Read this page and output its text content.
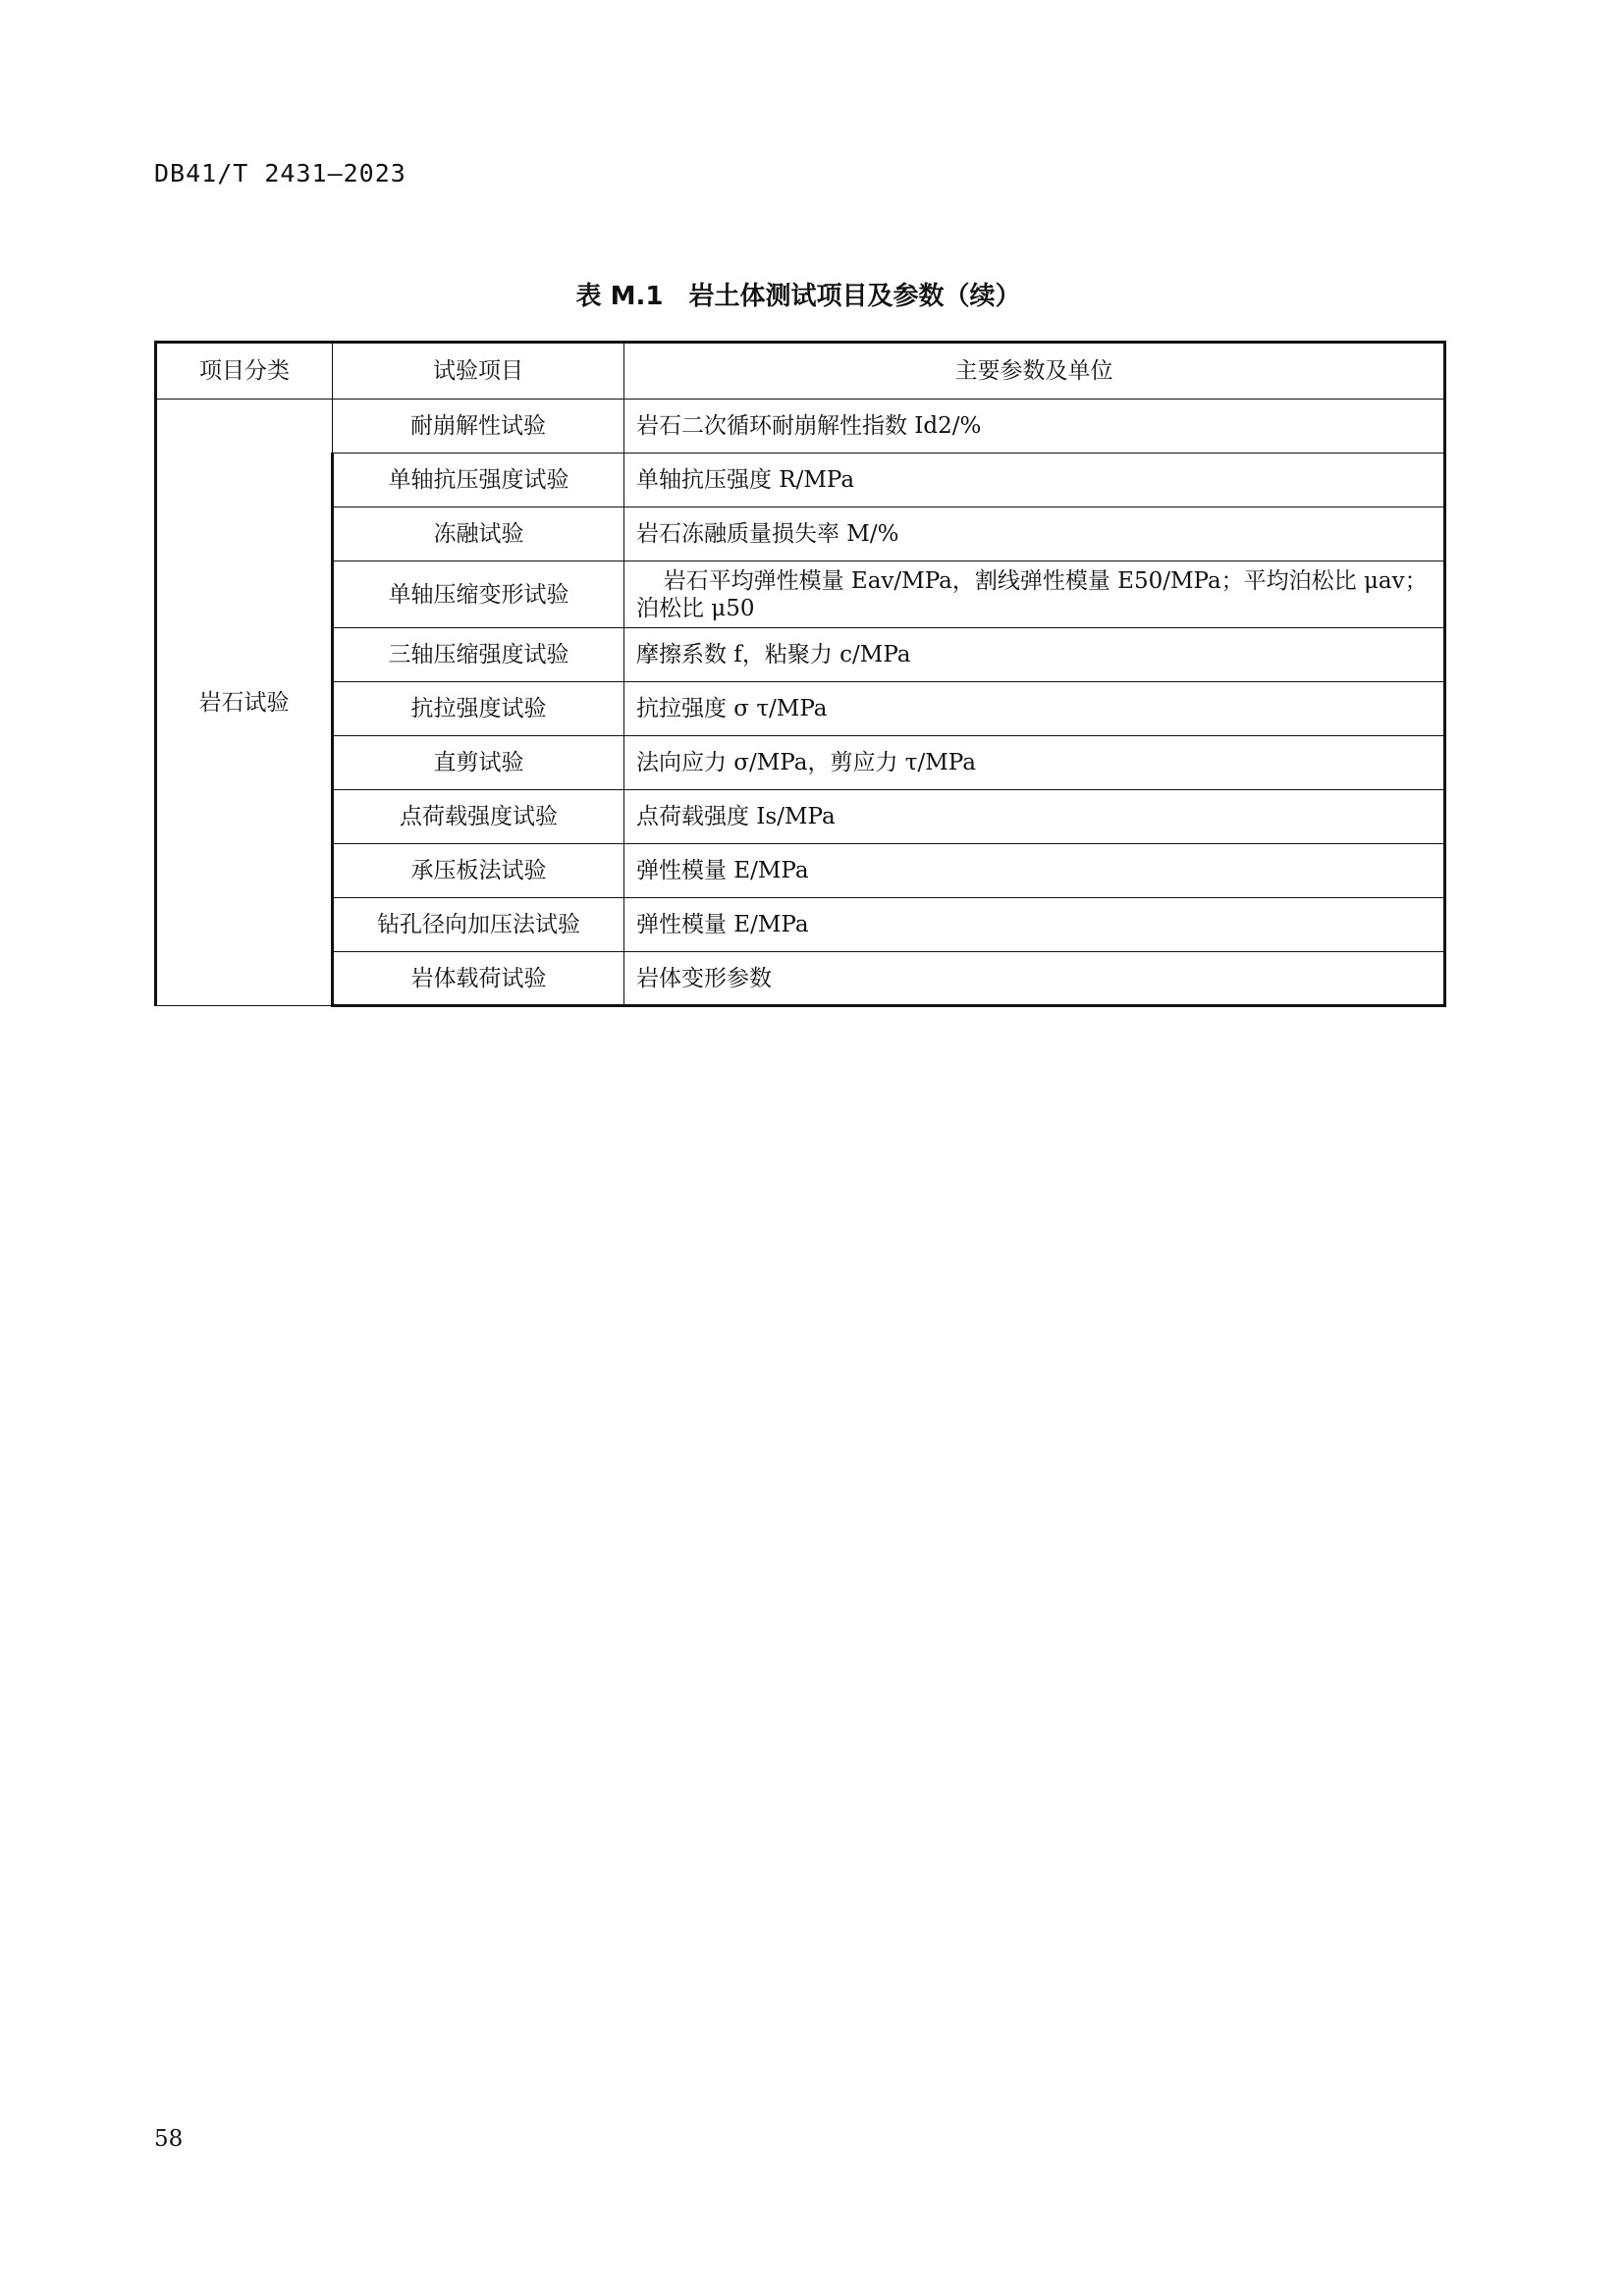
DB41/T 2431—2023
表 M.1　岩土体测试项目及参数（续）
项目分类	试验项目	主要参数及单位
岩石试验	耐崩解性试验	岩石二次循环耐崩解性指数 Id2/%
	单轴抗压强度试验	单轴抗压强度 R/MPa
	冻融试验	岩石冻融质量损失率 M/%
	单轴压缩变形试验	岩石平均弹性模量 Eav/MPa，割线弹性模量 E50/MPa；平均泊松比 μav；泊松比 μ50
	三轴压缩强度试验	摩擦系数 f，粘聚力 c/MPa
	抗拉强度试验	抗拉强度 σ τ/MPa
	直剪试验	法向应力 σ/MPa，剪应力 τ/MPa
	点荷载强度试验	点荷载强度 Is/MPa
	承压板法试验	弹性模量 E/MPa
	钻孔径向加压法试验	弹性模量 E/MPa
	岩体载荷试验	岩体变形参数
58
